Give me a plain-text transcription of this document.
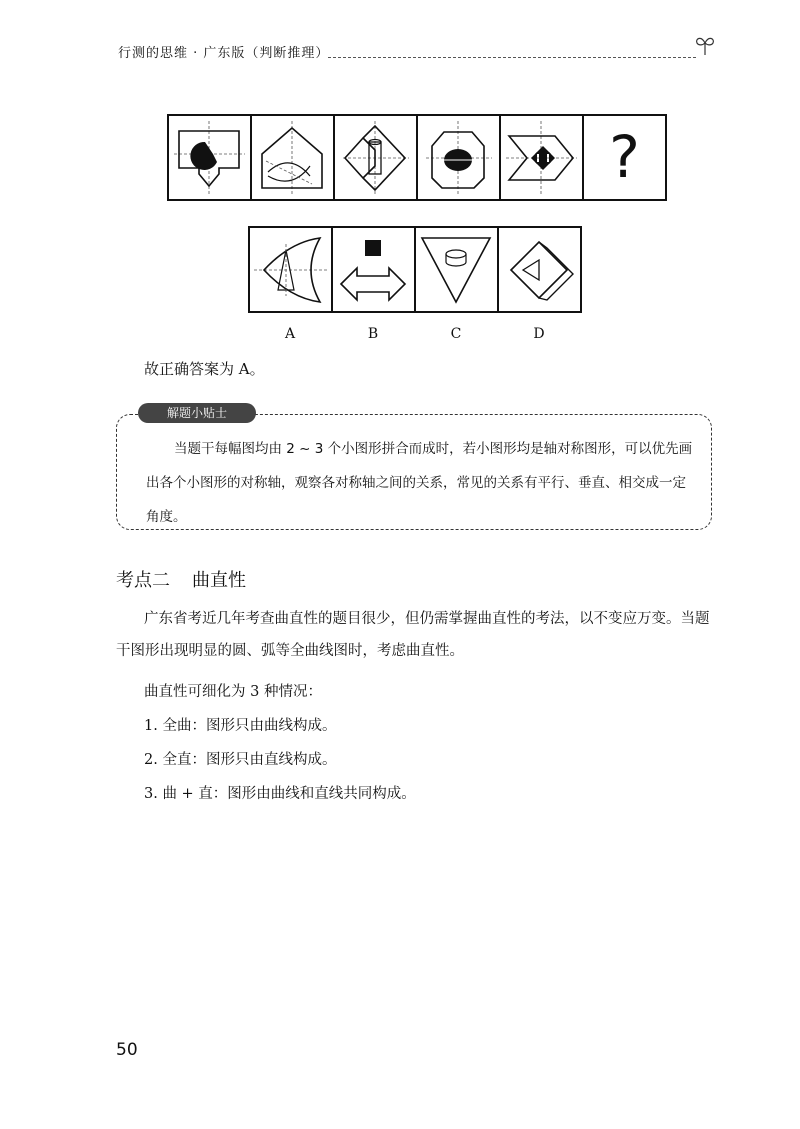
行测的思维 · 广东版（判断推理）
?
A	B	C	D
故正确答案为 A。
解题小贴士
当题干每幅图均由 2 ~ 3 个小图形拼合而成时，若小图形均是轴对称图形，可以优先画出各个小图形的对称轴，观察各对称轴之间的关系，常见的关系有平行、垂直、相交成一定角度。
考点二 曲直性
广东省考近几年考查曲直性的题目很少，但仍需掌握曲直性的考法，以不变应万变。当题干图形出现明显的圆、弧等全曲线图时，考虑曲直性。
曲直性可细化为 3 种情况：
1. 全曲：图形只由曲线构成。
2. 全直：图形只由直线构成。
3. 曲 + 直：图形由曲线和直线共同构成。
50
